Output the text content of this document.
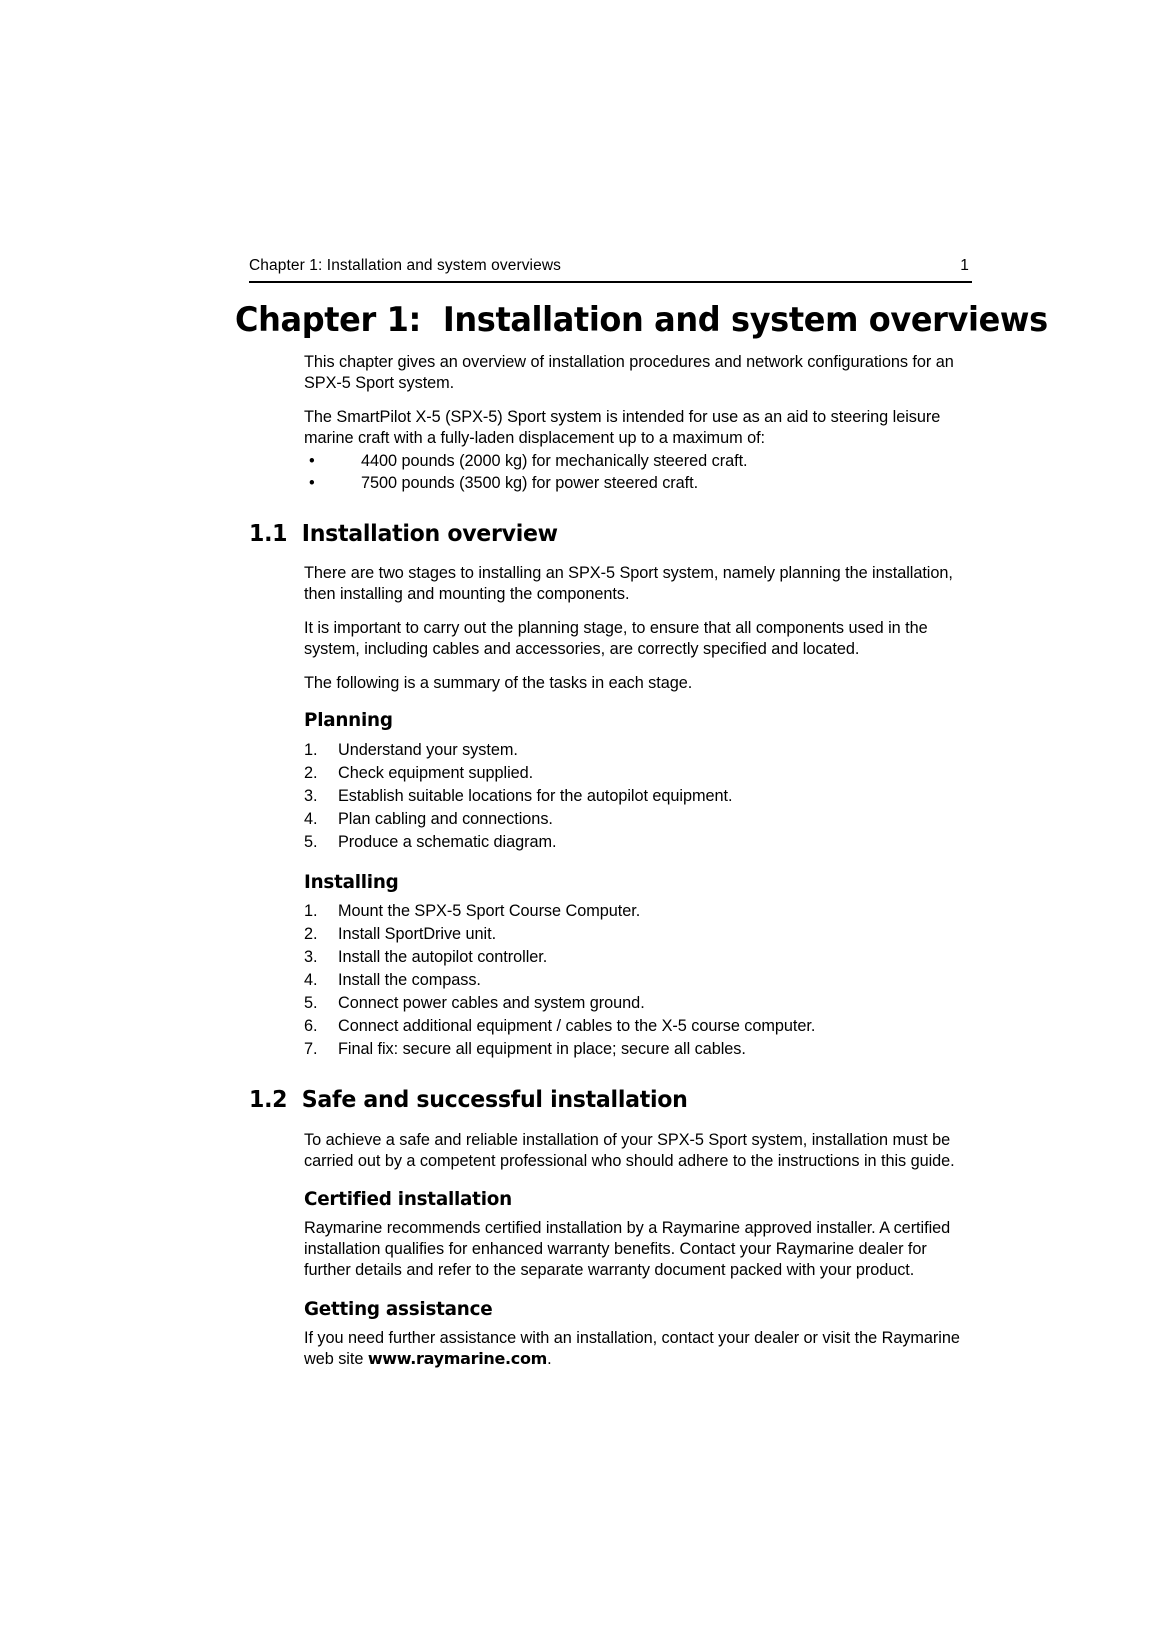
Chapter 1: Installation and system overviews	1
Chapter 1: Installation and system overviews

This chapter gives an overview of installation procedures and network configurations for an SPX-5 Sport system.

The SmartPilot X-5 (SPX-5) Sport system is intended for use as an aid to steering leisure marine craft with a fully-laden displacement up to a maximum of:

•	4400 pounds (2000 kg) for mechanically steered craft.
•	7500 pounds (3500 kg) for power steered craft.
1.1 Installation overview

There are two stages to installing an SPX-5 Sport system, namely planning the installation, then installing and mounting the components.

It is important to carry out the planning stage, to ensure that all components used in the system, including cables and accessories, are correctly specified and located.

The following is a summary of the tasks in each stage.

Planning
1. Understand your system.
2. Check equipment supplied.
3. Establish suitable locations for the autopilot equipment.
4. Plan cabling and connections.
5. Produce a schematic diagram.
Installing
1. Mount the SPX-5 Sport Course Computer.
2. Install SportDrive unit.
3. Install the autopilot controller.
4. Install the compass.
5. Connect power cables and system ground.
6. Connect additional equipment / cables to the X-5 course computer.
7. Final fix: secure all equipment in place; secure all cables.
1.2 Safe and successful installation

To achieve a safe and reliable installation of your SPX-5 Sport system, installation must be carried out by a competent professional who should adhere to the instructions in this guide.

Certified installation

Raymarine recommends certified installation by a Raymarine approved installer. A certified installation qualifies for enhanced warranty benefits. Contact your Raymarine dealer for further details and refer to the separate warranty document packed with your product.

Getting assistance

If you need further assistance with an installation, contact your dealer or visit the Raymarine web site www.raymarine.com.
